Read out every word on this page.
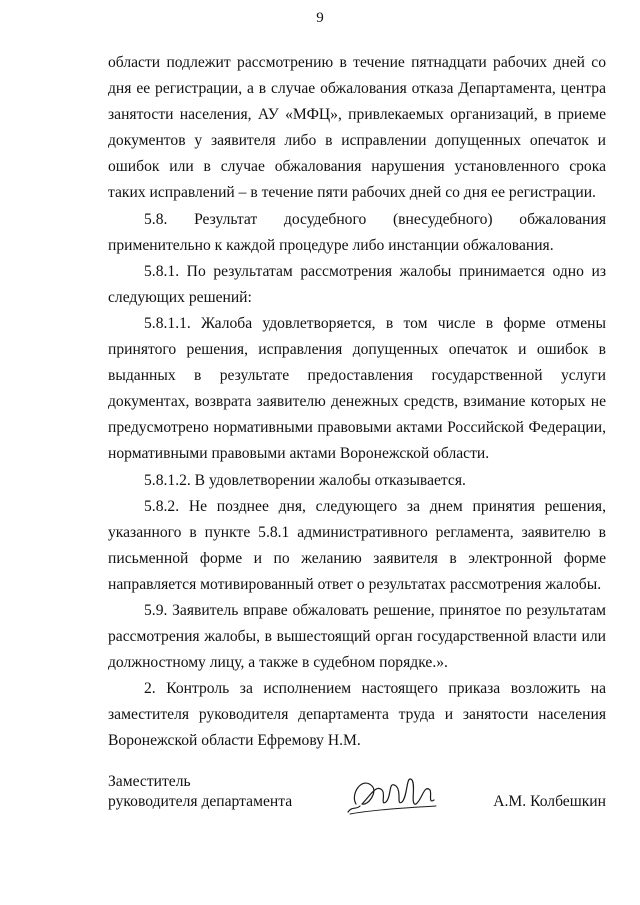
9

области подлежит рассмотрению в течение пятнадцати рабочих дней со дня ее регистрации, а в случае обжалования отказа Департамента, центра занятости населения, АУ «МФЦ», привлекаемых организаций, в приеме документов у заявителя либо в исправлении допущенных опечаток и ошибок или в случае обжалования нарушения установленного срока таких исправлений – в течение пяти рабочих дней со дня ее регистрации.

5.8. Результат досудебного (внесудебного) обжалования применительно к каждой процедуре либо инстанции обжалования.

5.8.1. По результатам рассмотрения жалобы принимается одно из следующих решений:

5.8.1.1. Жалоба удовлетворяется, в том числе в форме отмены принятого решения, исправления допущенных опечаток и ошибок в выданных в результате предоставления государственной услуги документах, возврата заявителю денежных средств, взимание которых не предусмотрено нормативными правовыми актами Российской Федерации, нормативными правовыми актами Воронежской области.

5.8.1.2. В удовлетворении жалобы отказывается.

5.8.2. Не позднее дня, следующего за днем принятия решения, указанного в пункте 5.8.1 административного регламента, заявителю в письменной форме и по желанию заявителя в электронной форме направляется мотивированный ответ о результатах рассмотрения жалобы.

5.9. Заявитель вправе обжаловать решение, принятое по результатам рассмотрения жалобы, в вышестоящий орган государственной власти или должностному лицу, а также в судебном порядке.».

2. Контроль за исполнением настоящего приказа возложить на заместителя руководителя департамента труда и занятости населения Воронежской области Ефремову Н.М.

Заместитель
руководителя департамента	А.М. Колбешкин
